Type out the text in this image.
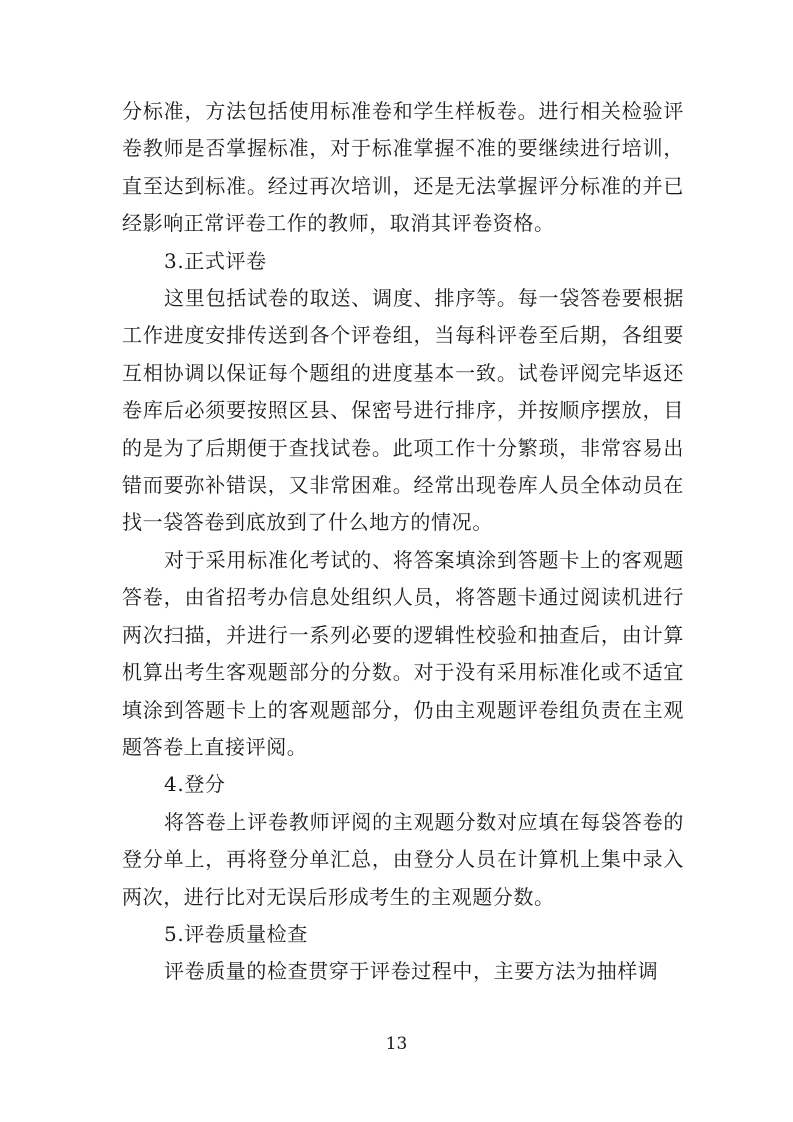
分标准，方法包括使用标准卷和学生样板卷。进行相关检验评卷教师是否掌握标准，对于标准掌握不准的要继续进行培训，直至达到标准。经过再次培训，还是无法掌握评分标准的并已经影响正常评卷工作的教师，取消其评卷资格。

3.正式评卷

这里包括试卷的取送、调度、排序等。每一袋答卷要根据工作进度安排传送到各个评卷组，当每科评卷至后期，各组要互相协调以保证每个题组的进度基本一致。试卷评阅完毕返还卷库后必须要按照区县、保密号进行排序，并按顺序摆放，目的是为了后期便于查找试卷。此项工作十分繁琐，非常容易出错而要弥补错误，又非常困难。经常出现卷库人员全体动员在找一袋答卷到底放到了什么地方的情况。

对于采用标准化考试的、将答案填涂到答题卡上的客观题答卷，由省招考办信息处组织人员，将答题卡通过阅读机进行两次扫描，并进行一系列必要的逻辑性校验和抽查后，由计算机算出考生客观题部分的分数。对于没有采用标准化或不适宜填涂到答题卡上的客观题部分，仍由主观题评卷组负责在主观题答卷上直接评阅。

4.登分

将答卷上评卷教师评阅的主观题分数对应填在每袋答卷的登分单上，再将登分单汇总，由登分人员在计算机上集中录入两次，进行比对无误后形成考生的主观题分数。

5.评卷质量检查

评卷质量的检查贯穿于评卷过程中，主要方法为抽样调

13
